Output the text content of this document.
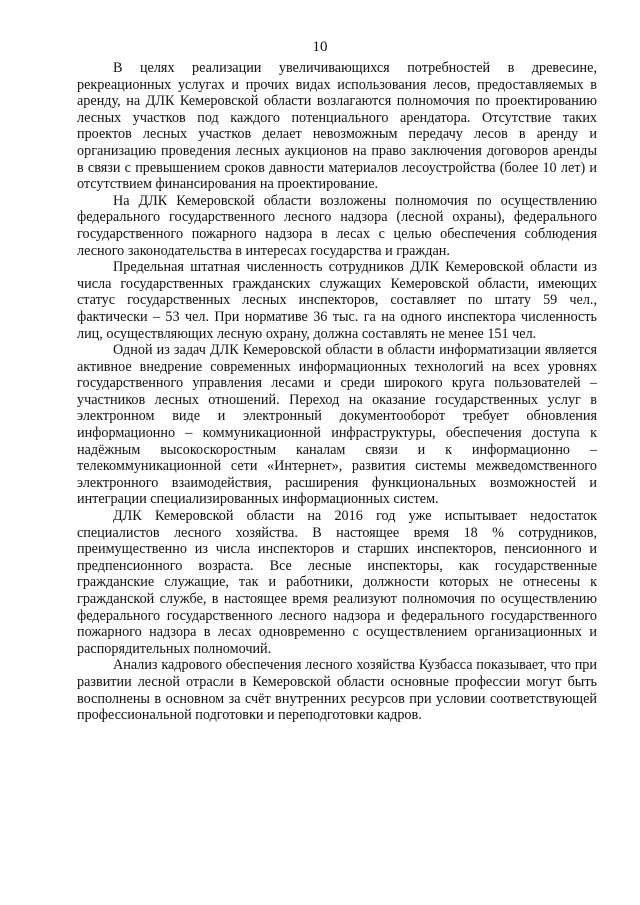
10

В целях реализации увеличивающихся потребностей в древесине, рекреационных услугах и прочих видах использования лесов, предоставляемых в аренду, на ДЛК Кемеровской области возлагаются полномочия по проектированию лесных участков под каждого потенциального арендатора. Отсутствие таких проектов лесных участков делает невозможным передачу лесов в аренду и организацию проведения лесных аукционов на право заключения договоров аренды в связи с превышением сроков давности материалов лесоустройства (более 10 лет) и отсутствием финансирования на проектирование.

На ДЛК Кемеровской области возложены полномочия по осуществлению федерального государственного лесного надзора (лесной охраны), федерального государственного пожарного надзора в лесах с целью обеспечения соблюдения лесного законодательства в интересах государства и граждан.

Предельная штатная численность сотрудников ДЛК Кемеровской области из числа государственных гражданских служащих Кемеровской области, имеющих статус государственных лесных инспекторов, составляет по штату 59 чел., фактически – 53 чел. При нормативе 36 тыс. га на одного инспектора численность лиц, осуществляющих лесную охрану, должна составлять не менее 151 чел.

Одной из задач ДЛК Кемеровской области в области информатизации является активное внедрение современных информационных технологий на всех уровнях государственного управления лесами и среди широкого круга пользователей – участников лесных отношений. Переход на оказание государственных услуг в электронном виде и электронный документооборот требует обновления информационно – коммуникационной инфраструктуры, обеспечения доступа к надёжным высокоскоростным каналам связи и к информационно – телекоммуникационной сети «Интернет», развития системы межведомственного электронного взаимодействия, расширения функциональных возможностей и интеграции специализированных информационных систем.

ДЛК Кемеровской области на 2016 год уже испытывает недостаток специалистов лесного хозяйства. В настоящее время 18 % сотрудников, преимущественно из числа инспекторов и старших инспекторов, пенсионного и предпенсионного возраста. Все лесные инспекторы, как государственные гражданские служащие, так и работники, должности которых не отнесены к гражданской службе, в настоящее время реализуют полномочия по осуществлению федерального государственного лесного надзора и федерального государственного пожарного надзора в лесах одновременно с осуществлением организационных и распорядительных полномочий.

Анализ кадрового обеспечения лесного хозяйства Кузбасса показывает, что при развитии лесной отрасли в Кемеровской области основные профессии могут быть восполнены в основном за счёт внутренних ресурсов при условии соответствующей профессиональной подготовки и переподготовки кадров.
